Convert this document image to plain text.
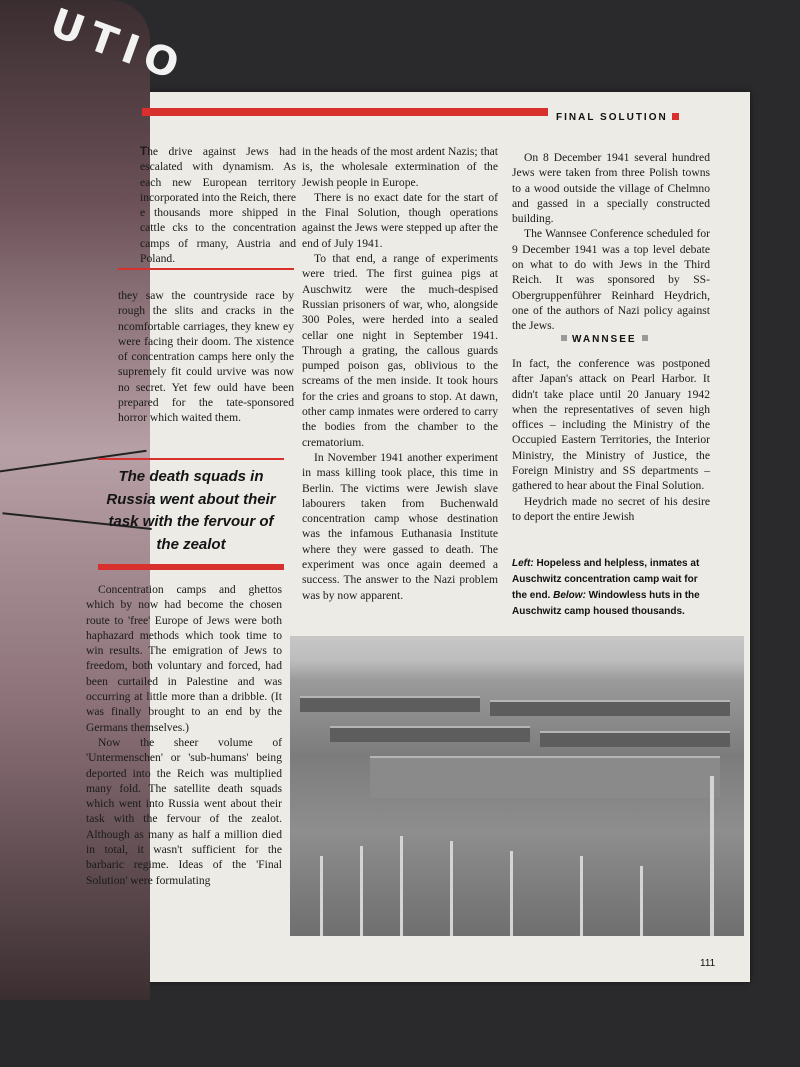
UTIO
FINAL SOLUTION

The drive against Jews had escalated with dynamism. As each new European territory incorporated into the Reich, there e thousands more shipped in cattle cks to the concentration camps of rmany, Austria and Poland.

they saw the countryside race by rough the slits and cracks in the ncomfortable carriages, they knew ey were facing their doom. The xistence of concentration camps here only the supremely fit could urvive was now no secret. Yet few ould have been prepared for the tate-sponsored horror which waited them.

The death squads in Russia went about their task with the fervour of the zealot

Concentration camps and ghettos which by now had become the chosen route to 'free' Europe of Jews were both haphazard methods which took time to win results. The emigration of Jews to freedom, both voluntary and forced, had been curtailed in Palestine and was occurring at little more than a dribble. (It was finally brought to an end by the Germans themselves.)

Now the sheer volume of 'Untermenschen' or 'sub-humans' being deported into the Reich was multiplied many fold. The satellite death squads which went into Russia went about their task with the fervour of the zealot. Although as many as half a million died in total, it wasn't sufficient for the barbaric regime. Ideas of the 'Final Solution' were formulating

in the heads of the most ardent Nazis; that is, the wholesale extermination of the Jewish people in Europe.

There is no exact date for the start of the Final Solution, though operations against the Jews were stepped up after the end of July 1941.

To that end, a range of experiments were tried. The first guinea pigs at Auschwitz were the much-despised Russian prisoners of war, who, alongside 300 Poles, were herded into a sealed cellar one night in September 1941. Through a grating, the callous guards pumped poison gas, oblivious to the screams of the men inside. It took hours for the cries and groans to stop. At dawn, other camp inmates were ordered to carry the bodies from the chamber to the crematorium.

In November 1941 another experiment in mass killing took place, this time in Berlin. The victims were Jewish slave labourers taken from Buchenwald concentration camp whose destination was the infamous Euthanasia Institute where they were gassed to death. The experiment was once again deemed a success. The answer to the Nazi problem was by now apparent.

On 8 December 1941 several hundred Jews were taken from three Polish towns to a wood outside the village of Chelmno and gassed in a specially constructed building.

The Wannsee Conference scheduled for 9 December 1941 was a top level debate on what to do with Jews in the Third Reich. It was sponsored by SS-Obergruppenführer Reinhard Heydrich, one of the authors of Nazi policy against the Jews.

WANNSEE

In fact, the conference was postponed after Japan's attack on Pearl Harbor. It didn't take place until 20 January 1942 when the representatives of seven high offices – including the Ministry of the Occupied Eastern Territories, the Interior Ministry, the Ministry of Justice, the Foreign Ministry and SS departments – gathered to hear about the Final Solution.

Heydrich made no secret of his desire to deport the entire Jewish

Left: Hopeless and helpless, inmates at Auschwitz concentration camp wait for the end. Below: Windowless huts in the Auschwitz camp housed thousands.
111
